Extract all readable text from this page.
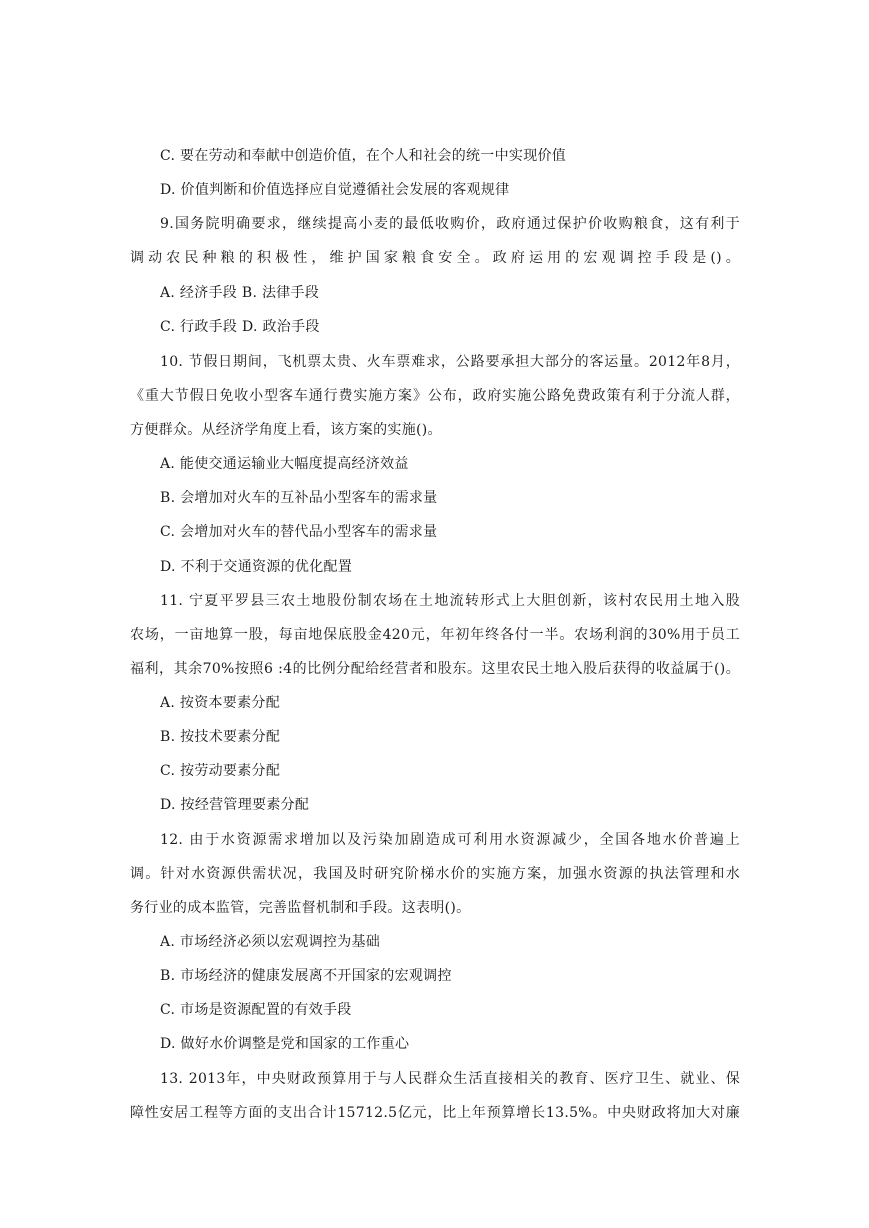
C. 要在劳动和奉献中创造价值，在个人和社会的统一中实现价值
D. 价值判断和价值选择应自觉遵循社会发展的客观规律
9.国务院明确要求，继续提高小麦的最低收购价，政府通过保护价收购粮食，这有利于
调动农民种粮的积极性，维护国家粮食安全。政府运用的宏观调控手段是()。
A. 经济手段 B. 法律手段
C. 行政手段 D. 政治手段
10. 节假日期间，飞机票太贵、火车票难求，公路要承担大部分的客运量。2012年8月，
《重大节假日免收小型客车通行费实施方案》公布，政府实施公路免费政策有利于分流人群，
方便群众。从经济学角度上看，该方案的实施()。
A. 能使交通运输业大幅度提高经济效益
B. 会增加对火车的互补品小型客车的需求量
C. 会增加对火车的替代品小型客车的需求量
D. 不利于交通资源的优化配置
11. 宁夏平罗县三农土地股份制农场在土地流转形式上大胆创新，该村农民用土地入股
农场，一亩地算一股，每亩地保底股金420元，年初年终各付一半。农场利润的30%用于员工
福利，其余70%按照6 :4的比例分配给经营者和股东。这里农民土地入股后获得的收益属于()。
A. 按资本要素分配
B. 按技术要素分配
C. 按劳动要素分配
D. 按经营管理要素分配
12. 由于水资源需求增加以及污染加剧造成可利用水资源减少，全国各地水价普遍上
调。针对水资源供需状况，我国及时研究阶梯水价的实施方案，加强水资源的执法管理和水
务行业的成本监管，完善监督机制和手段。这表明()。
A. 市场经济必须以宏观调控为基础
B. 市场经济的健康发展离不开国家的宏观调控
C. 市场是资源配置的有效手段
D. 做好水价调整是党和国家的工作重心
13. 2013年，中央财政预算用于与人民群众生活直接相关的教育、医疗卫生、就业、保
障性安居工程等方面的支出合计15712.5亿元，比上年预算增长13.5%。中央财政将加大对廉
